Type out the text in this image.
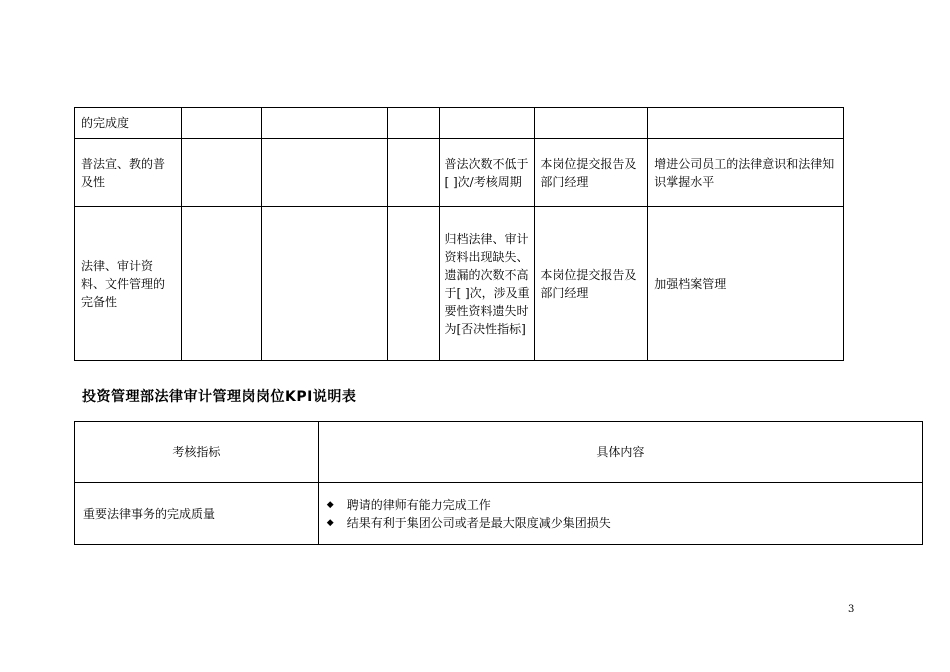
的完成度						
普法宣、教的普及性				普法次数不低于[ ]次/考核周期	本岗位提交报告及部门经理	增进公司员工的法律意识和法律知识掌握水平
法律、审计资料、文件管理的完备性				归档法律、审计资料出现缺失、遗漏的次数不高于[ ]次，涉及重要性资料遗失时为[否决性指标]	本岗位提交报告及部门经理	加强档案管理
投资管理部法律审计管理岗岗位KPI说明表
考核指标	具体内容
重要法律事务的完成质量	◆ 聘请的律师有能力完成工作
◆ 结果有利于集团公司或者是最大限度减少集团损失
3
